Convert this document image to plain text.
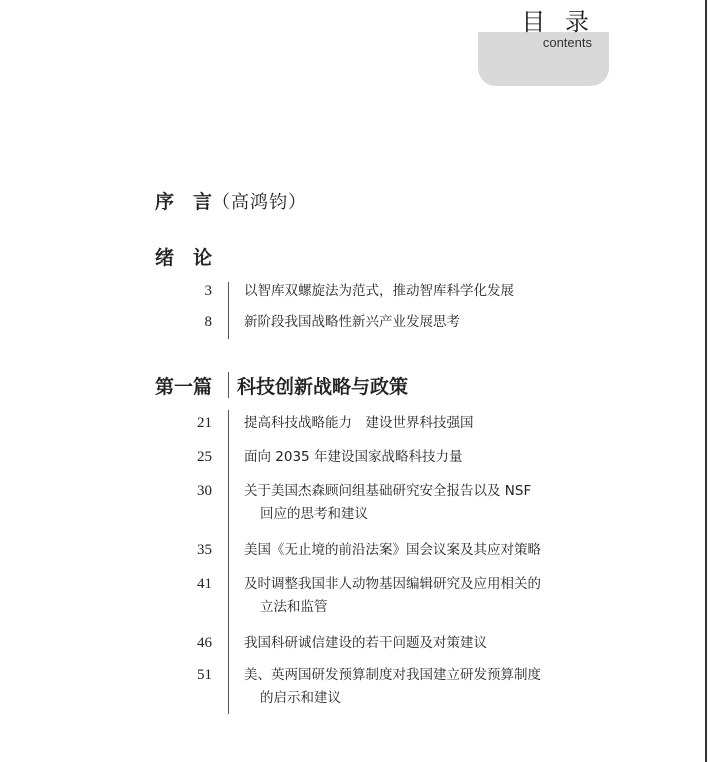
目 录
contents
序　言（高鸿钧）
绪　论
3 以智库双螺旋法为范式，推动智库科学化发展
8 新阶段我国战略性新兴产业发展思考
第一篇 科技创新战略与政策
21 提高科技战略能力　建设世界科技强国
25 面向 2035 年建设国家战略科技力量
30 关于美国杰森顾问组基础研究安全报告以及 NSF
回应的思考和建议
35 美国《无止境的前沿法案》国会议案及其应对策略
41 及时调整我国非人动物基因编辑研究及应用相关的
立法和监管
46 我国科研诚信建设的若干问题及对策建议
51 美、英两国研发预算制度对我国建立研发预算制度
的启示和建议
